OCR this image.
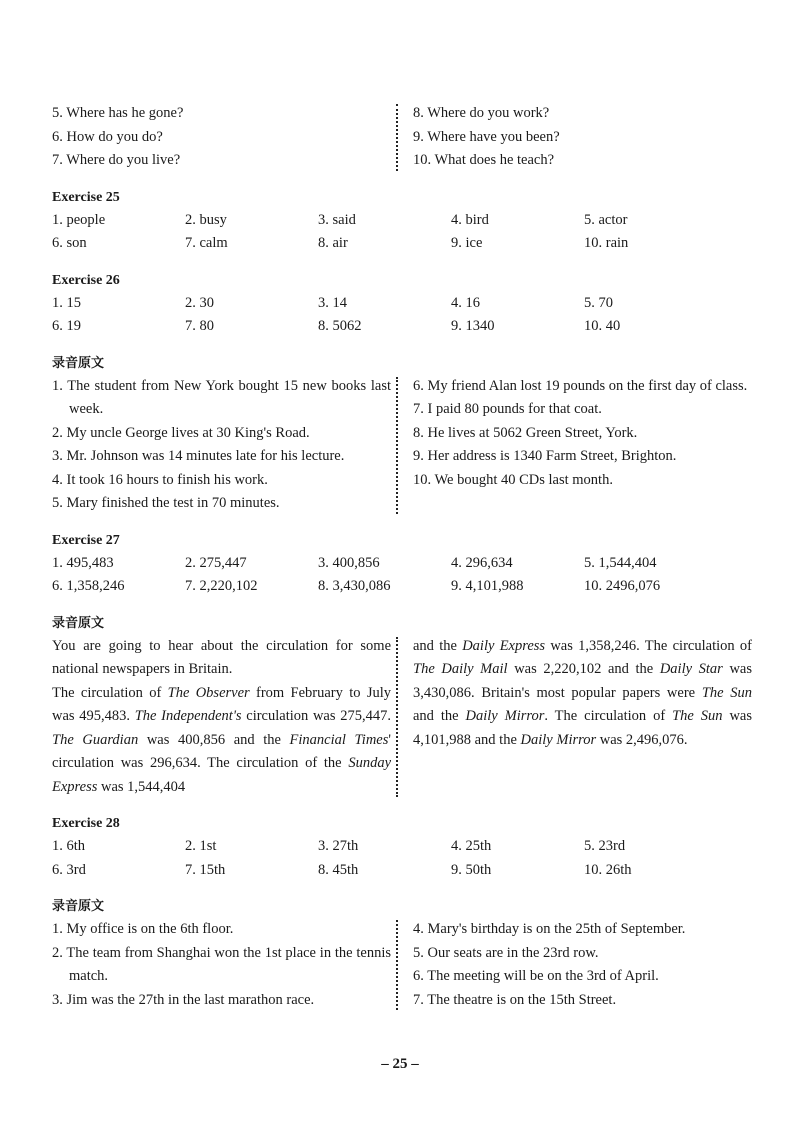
5. Where has he gone?
6. How do you do?
7. Where do you live?
8. Where do you work?
9. Where have you been?
10. What does he teach?
Exercise 25
1. people	2. busy	3. said	4. bird	5. actor
6. son	7. calm	8. air	9. ice	10. rain
Exercise 26
1. 15	2. 30	3. 14	4. 16	5. 70
6. 19	7. 80	8. 5062	9. 1340	10. 40
录音原文
1. The student from New York bought 15 new books last week.
2. My uncle George lives at 30 King's Road.
3. Mr. Johnson was 14 minutes late for his lecture.
4. It took 16 hours to finish his work.
5. Mary finished the test in 70 minutes.
6. My friend Alan lost 19 pounds on the first day of class.
7. I paid 80 pounds for that coat.
8. He lives at 5062 Green Street, York.
9. Her address is 1340 Farm Street, Brighton.
10. We bought 40 CDs last month.
Exercise 27
1. 495,483	2. 275,447	3. 400,856	4. 296,634	5. 1,544,404
6. 1,358,246	7. 2,220,102	8. 3,430,086	9. 4,101,988	10. 2496,076
录音原文
You are going to hear about the circulation for some national newspapers in Britain.
The circulation of The Observer from February to July was 495,483. The Independent's circulation was 275,447. The Guardian was 400,856 and the Financial Times' circulation was 296,634. The circulation of the Sunday Express was 1,544,404
and the Daily Express was 1,358,246. The circulation of The Daily Mail was 2,220,102 and the Daily Star was 3,430,086. Britain's most popular papers were The Sun and the Daily Mirror. The circulation of The Sun was 4,101,988 and the Daily Mirror was 2,496,076.
Exercise 28
1. 6th	2. 1st	3. 27th	4. 25th	5. 23rd
6. 3rd	7. 15th	8. 45th	9. 50th	10. 26th
录音原文
1. My office is on the 6th floor.
2. The team from Shanghai won the 1st place in the tennis match.
3. Jim was the 27th in the last marathon race.
4. Mary's birthday is on the 25th of September.
5. Our seats are in the 23rd row.
6. The meeting will be on the 3rd of April.
7. The theatre is on the 15th Street.
– 25 –
